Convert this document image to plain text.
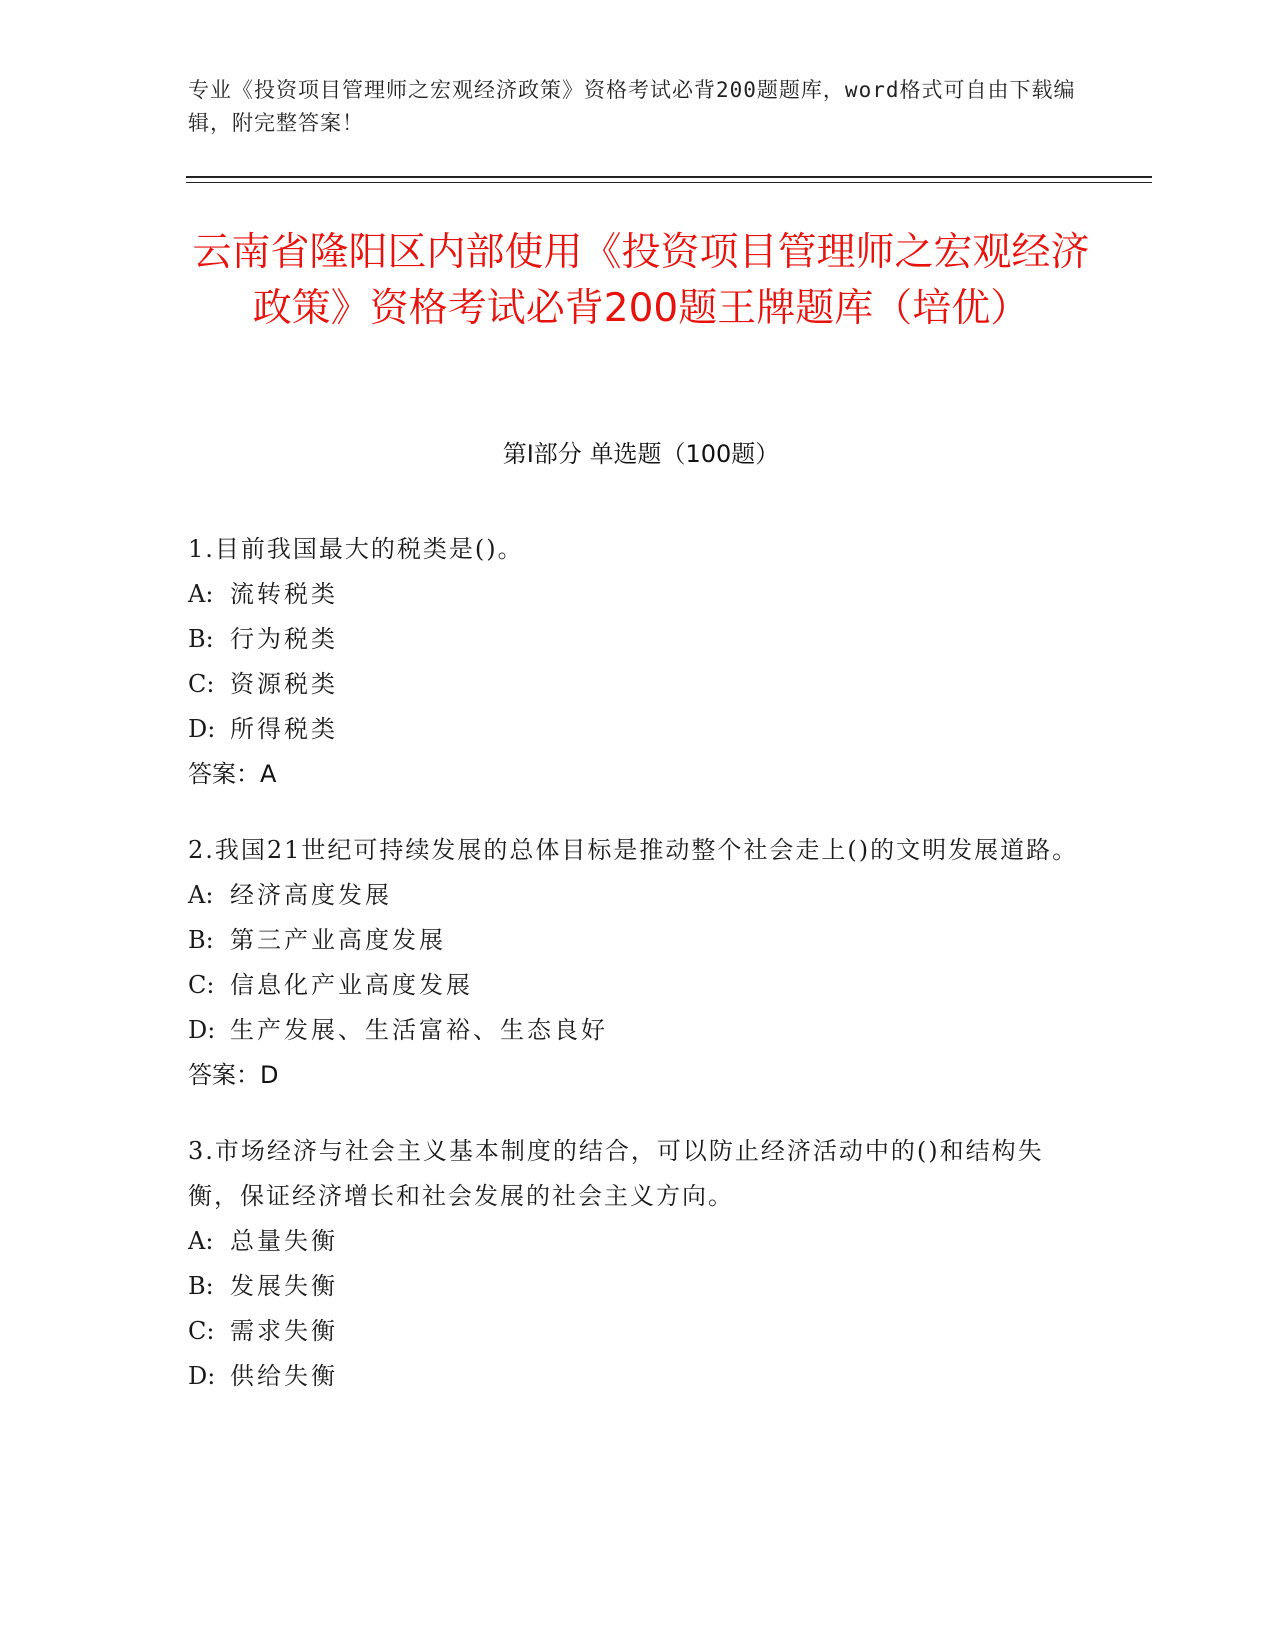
专业《投资项目管理师之宏观经济政策》资格考试必背200题题库，word格式可自由下载编辑，附完整答案！
云南省隆阳区内部使用《投资项目管理师之宏观经济政策》资格考试必背200题王牌题库（培优）
第Ⅰ部分 单选题（100题）
1.目前我国最大的税类是()。
A: 流转税类
B: 行为税类
C: 资源税类
D: 所得税类
答案：A
2.我国21世纪可持续发展的总体目标是推动整个社会走上()的文明发展道路。
A: 经济高度发展
B: 第三产业高度发展
C: 信息化产业高度发展
D: 生产发展、生活富裕、生态良好
答案：D
3.市场经济与社会主义基本制度的结合，可以防止经济活动中的()和结构失衡，保证经济增长和社会发展的社会主义方向。
A: 总量失衡
B: 发展失衡
C: 需求失衡
D: 供给失衡
